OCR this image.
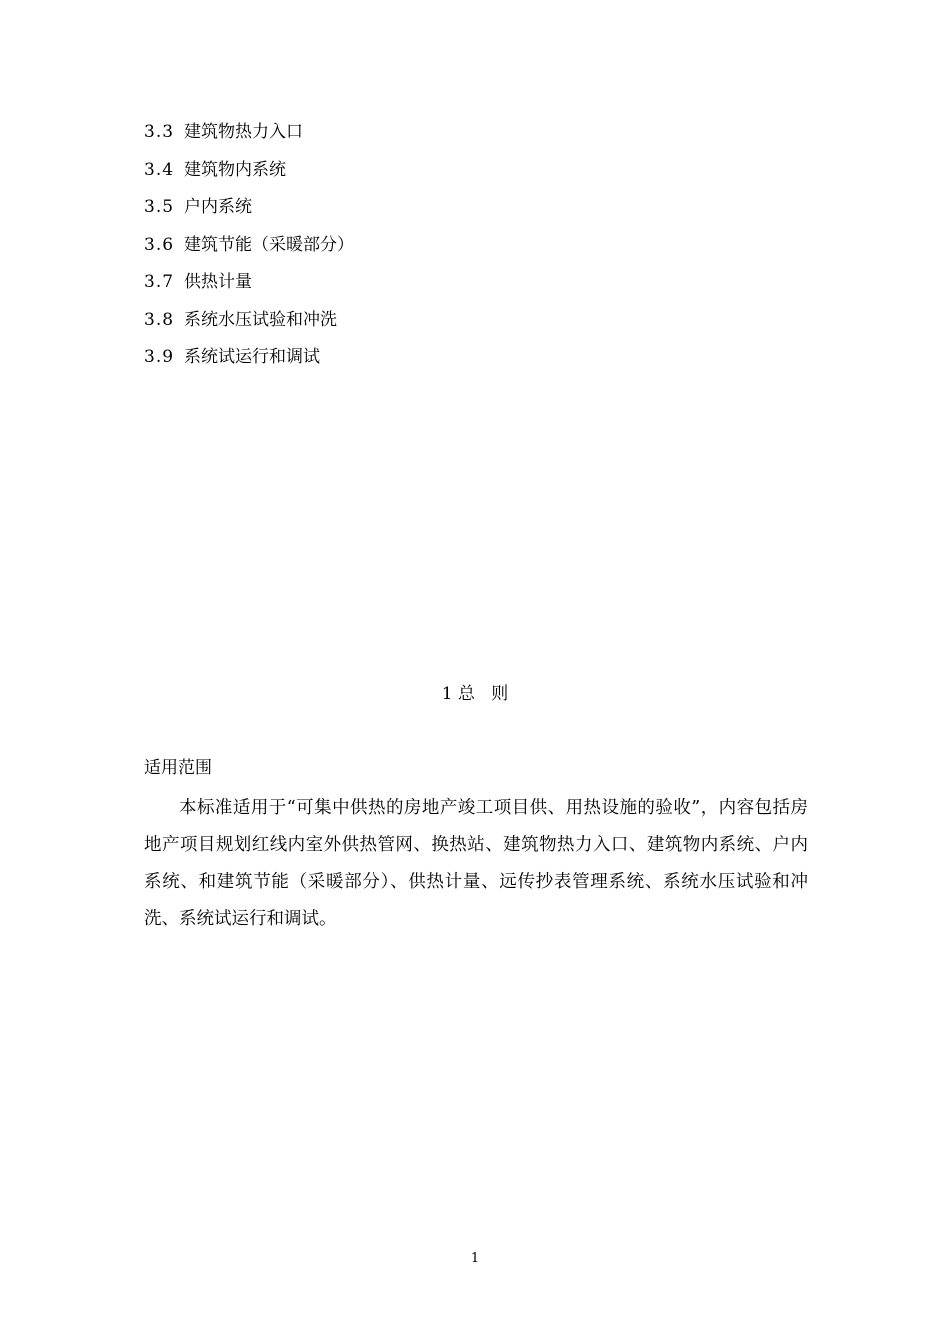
3.3 建筑物热力入口
3.4 建筑物内系统
3.5 户内系统
3.6 建筑节能（采暖部分）
3.7 供热计量
3.8 系统水压试验和冲洗
3.9 系统试运行和调试
1 总   则
适用范围
本标准适用于“可集中供热的房地产竣工项目供、用热设施的验收”，内容包括房地产项目规划红线内室外供热管网、换热站、建筑物热力入口、建筑物内系统、户内系统、和建筑节能（采暖部分）、供热计量、远传抄表管理系统、系统水压试验和冲洗、系统试运行和调试。
1
